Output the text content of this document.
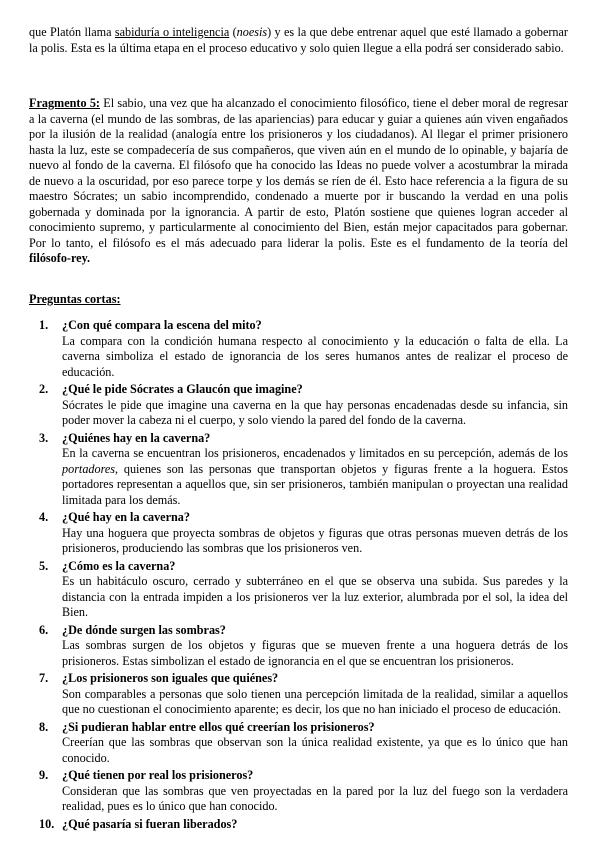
que Platón llama sabiduría o inteligencia (noesis) y es la que debe entrenar aquel que esté llamado a gobernar la polis. Esta es la última etapa en el proceso educativo y solo quien llegue a ella podrá ser considerado sabio.

Fragmento 5: El sabio, una vez que ha alcanzado el conocimiento filosófico, tiene el deber moral de regresar a la caverna (el mundo de las sombras, de las apariencias) para educar y guiar a quienes aún viven engañados por la ilusión de la realidad (analogía entre los prisioneros y los ciudadanos). Al llegar el primer prisionero hasta la luz, este se compadecería de sus compañeros, que viven aún en el mundo de lo opinable, y bajaría de nuevo al fondo de la caverna. El filósofo que ha conocido las Ideas no puede volver a acostumbrar la mirada de nuevo a la oscuridad, por eso parece torpe y los demás se ríen de él. Esto hace referencia a la figura de su maestro Sócrates; un sabio incomprendido, condenado a muerte por ir buscando la verdad en una polis gobernada y dominada por la ignorancia. A partir de esto, Platón sostiene que quienes logran acceder al conocimiento supremo, y particularmente al conocimiento del Bien, están mejor capacitados para gobernar. Por lo tanto, el filósofo es el más adecuado para liderar la polis. Este es el fundamento de la teoría del filósofo-rey.

Preguntas cortas:
1.	¿Con qué compara la escena del mito?
La compara con la condición humana respecto al conocimiento y la educación o falta de ella. La caverna simboliza el estado de ignorancia de los seres humanos antes de realizar el proceso de educación.
2.	¿Qué le pide Sócrates a Glaucón que imagine?
Sócrates le pide que imagine una caverna en la que hay personas encadenadas desde su infancia, sin poder mover la cabeza ni el cuerpo, y solo viendo la pared del fondo de la caverna.
3.	¿Quiénes hay en la caverna?
En la caverna se encuentran los prisioneros, encadenados y limitados en su percepción, además de los portadores, quienes son las personas que transportan objetos y figuras frente a la hoguera. Estos portadores representan a aquellos que, sin ser prisioneros, también manipulan o proyectan una realidad limitada para los demás.
4.	¿Qué hay en la caverna?
Hay una hoguera que proyecta sombras de objetos y figuras que otras personas mueven detrás de los prisioneros, produciendo las sombras que los prisioneros ven.
5.	¿Cómo es la caverna?
Es un habitáculo oscuro, cerrado y subterráneo en el que se observa una subida. Sus paredes y la distancia con la entrada impiden a los prisioneros ver la luz exterior, alumbrada por el sol, la idea del Bien.
6.	¿De dónde surgen las sombras?
Las sombras surgen de los objetos y figuras que se mueven frente a una hoguera detrás de los prisioneros. Estas simbolizan el estado de ignorancia en el que se encuentran los prisioneros.
7.	¿Los prisioneros son iguales que quiénes?
Son comparables a personas que solo tienen una percepción limitada de la realidad, similar a aquellos que no cuestionan el conocimiento aparente; es decir, los que no han iniciado el proceso de educación.
8.	¿Si pudieran hablar entre ellos qué creerían los prisioneros?
Creerían que las sombras que observan son la única realidad existente, ya que es lo único que han conocido.
9.	¿Qué tienen por real los prisioneros?
Consideran que las sombras que ven proyectadas en la pared por la luz del fuego son la verdadera realidad, pues es lo único que han conocido.
10. ¿Qué pasaría si fueran liberados?
